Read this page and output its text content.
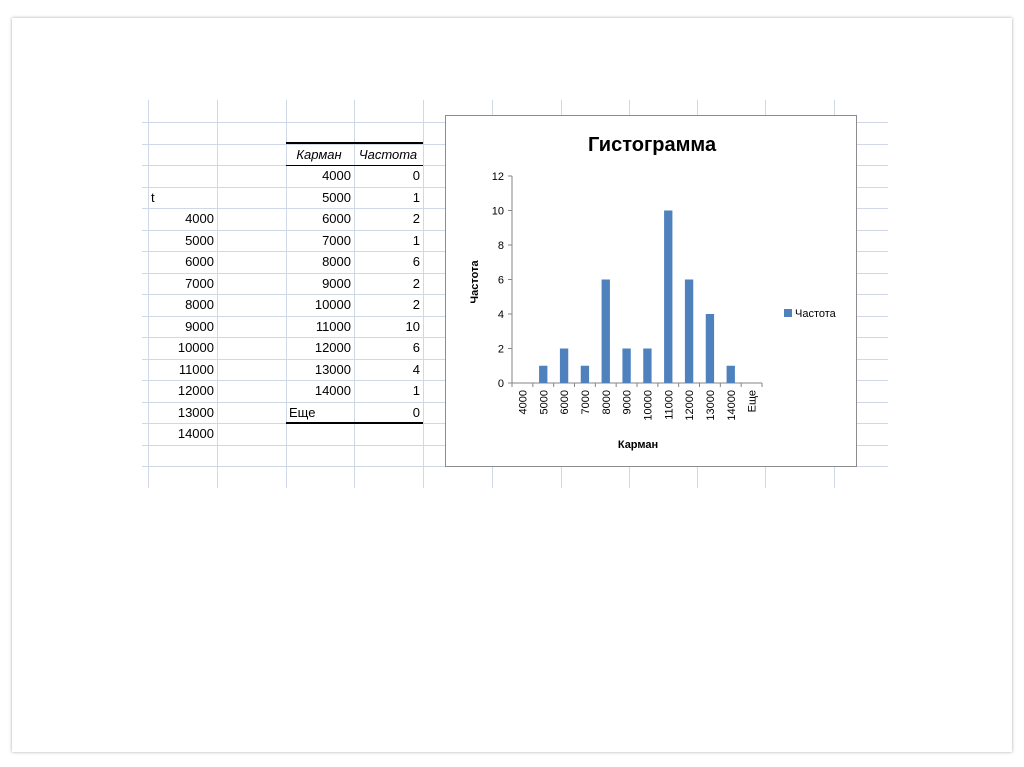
t
4000
5000
6000
7000
8000
9000
10000
11000
12000
13000
14000
Карман	Частота
4000	0
5000	1
6000	2
7000	1
8000	6
9000	2
10000	2
11000	10
12000	6
13000	4
14000	1
Еще	0
Гистограмма
0
2
4
6
8
10
12
4000 5000 6000 7000 8000 9000 10000 11000 12000 13000 14000 Еще
Частота
Карман
Частота
